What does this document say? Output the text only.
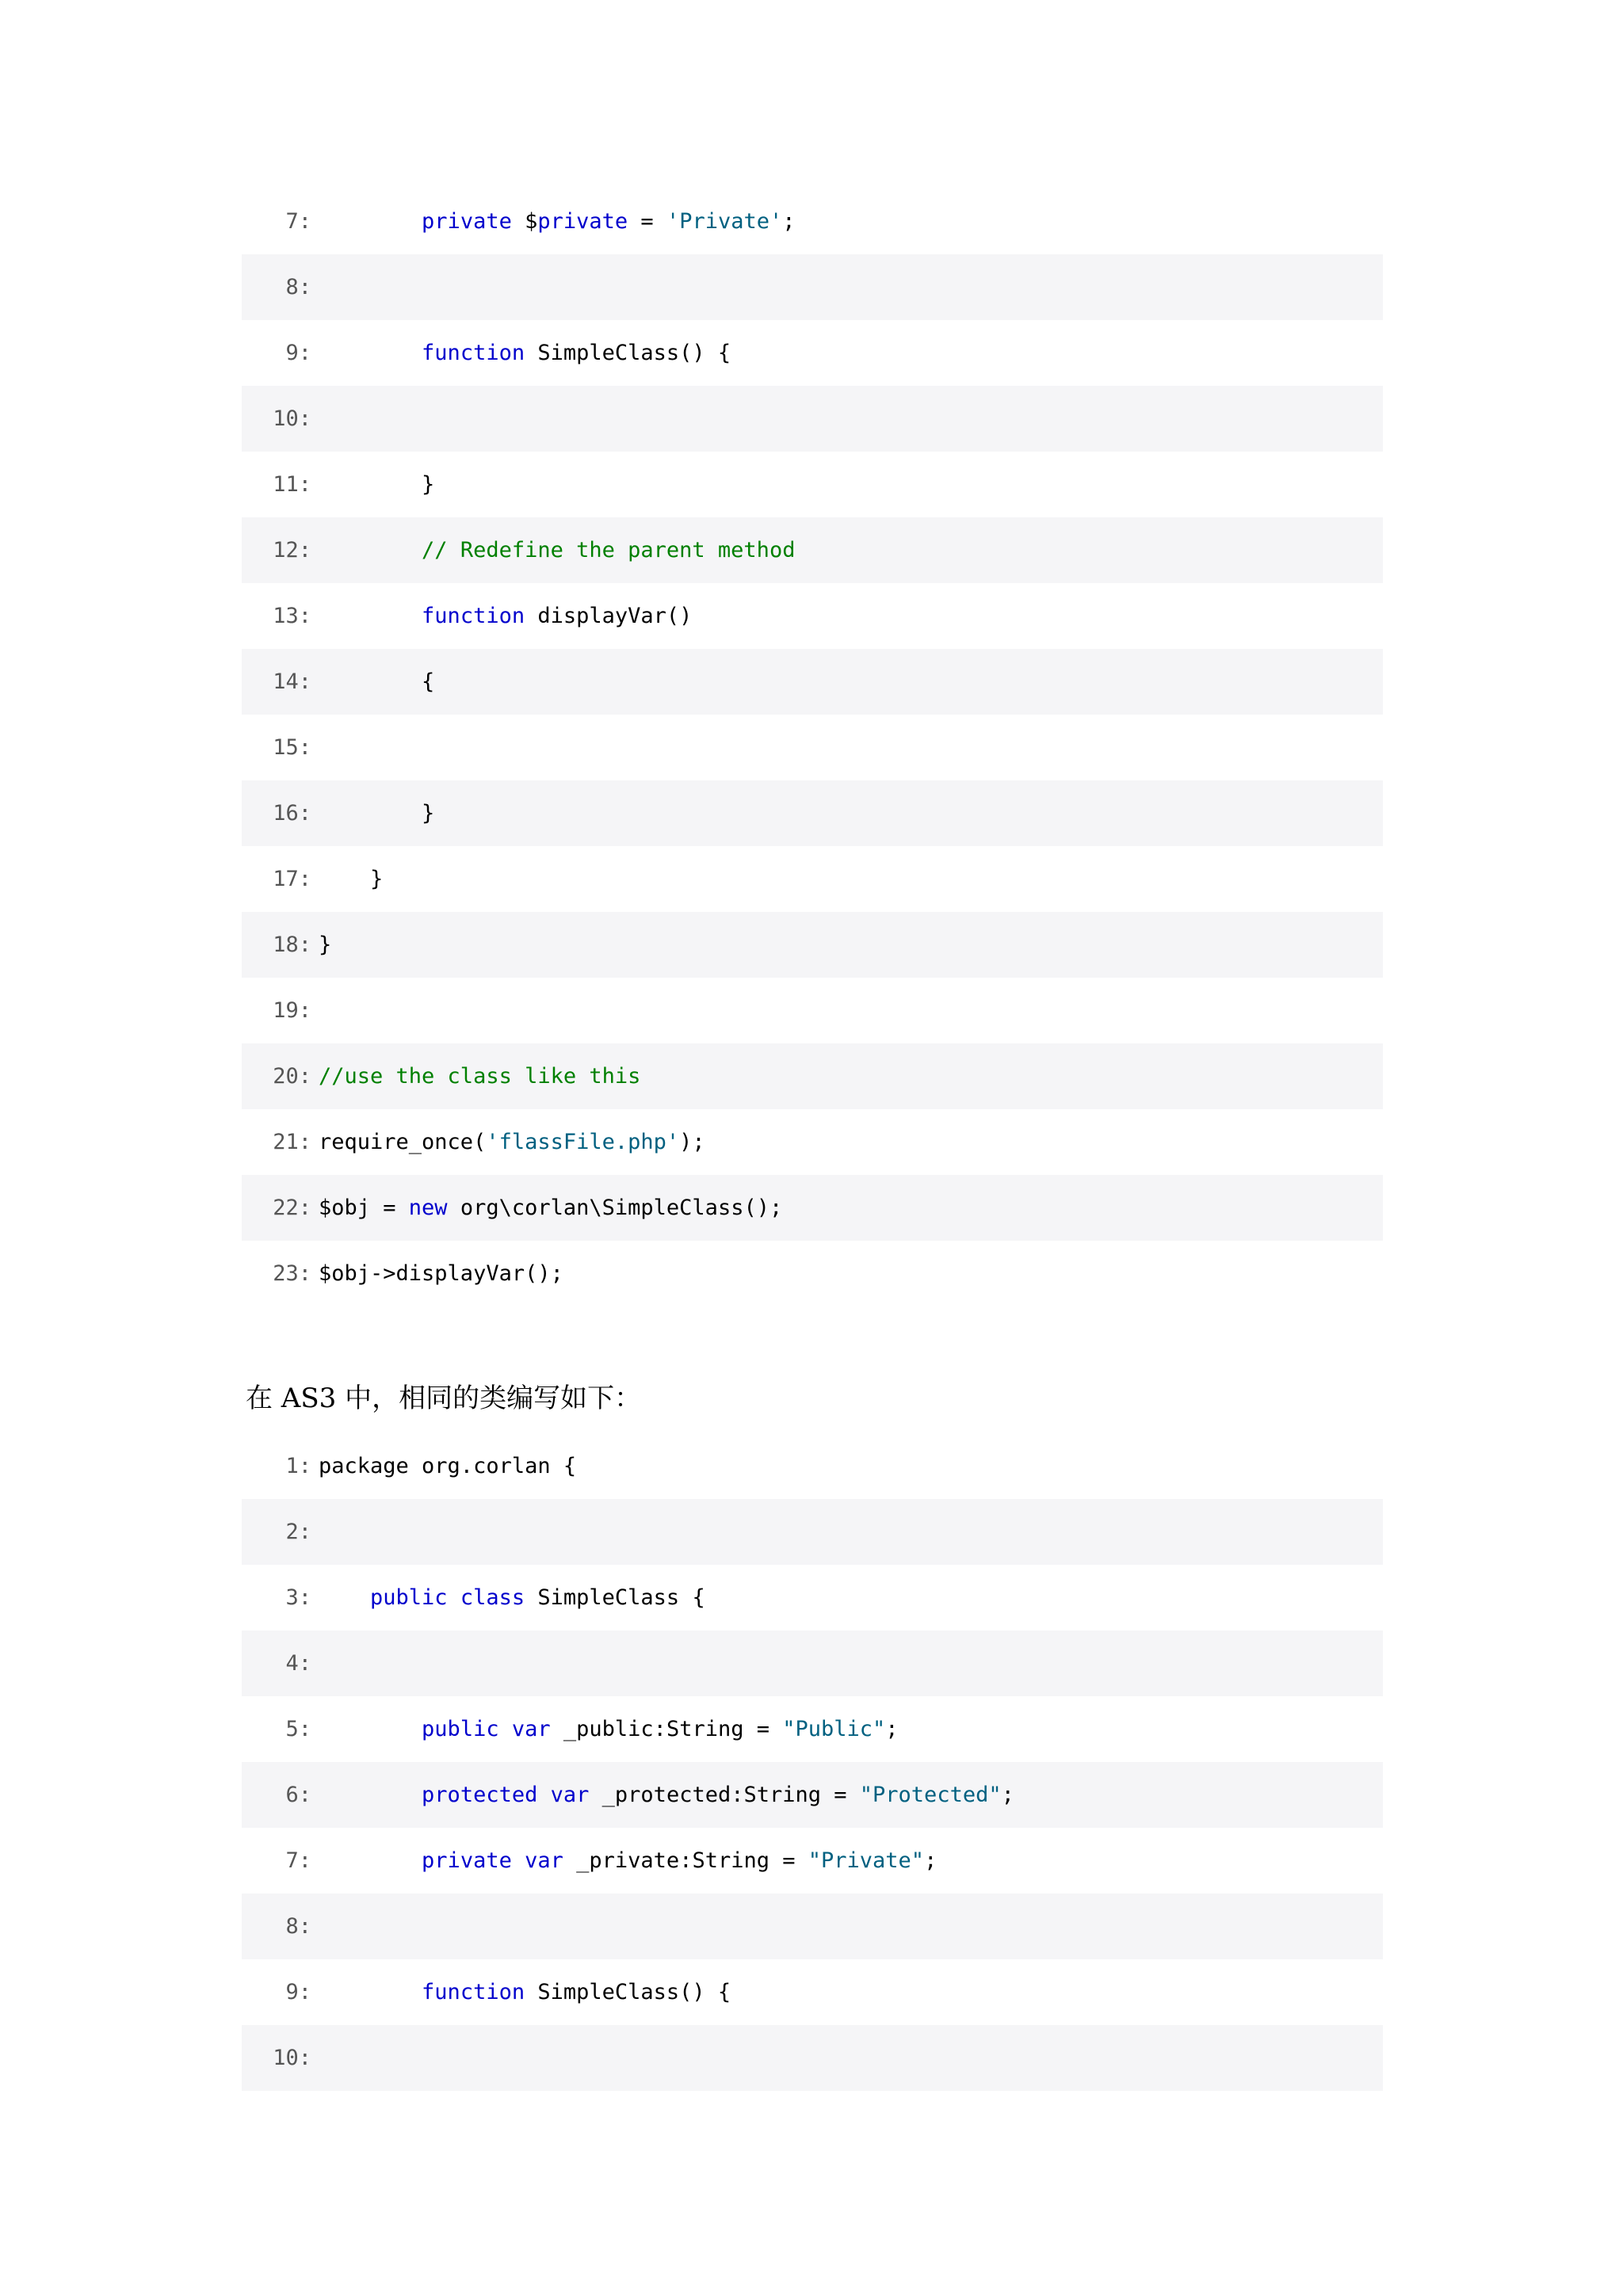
7:	private $private = 'Private';
8:
9:	function SimpleClass() {
10:
11: }
12:	// Redefine the parent method
13:	function displayVar()
14: {
15:
16: }
17: }
18: }
19:
20: //use the class like this
21: require_once('flassFile.php');
22: $obj = new org\corlan\SimpleClass();
23: $obj->displayVar();
在 AS3 中，相同的类编写如下：
1: package org.corlan {
2:
3:	public class SimpleClass {
4:
5:	public var _public:String = "Public";
6:	protected var _protected:String = "Protected";
7:	private var _private:String = "Private";
8:
9:	function SimpleClass() {
10:
